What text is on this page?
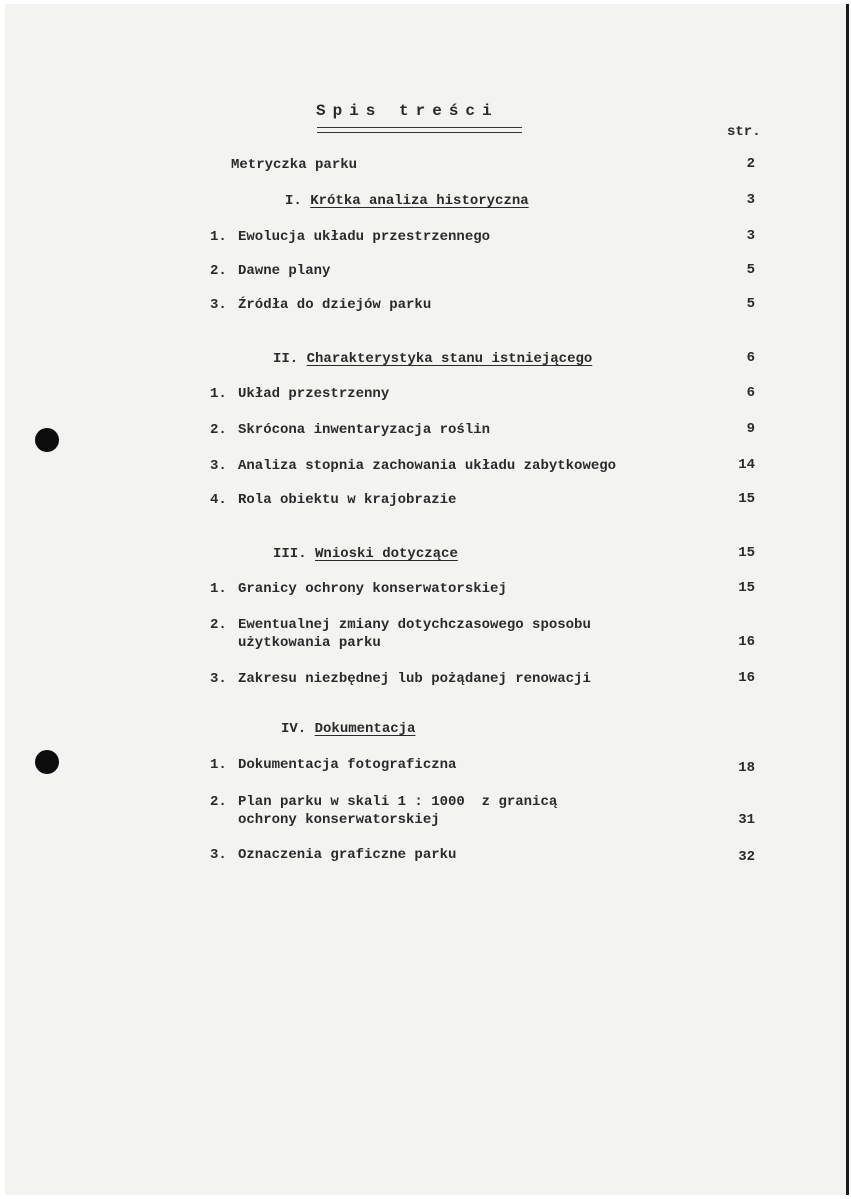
Spis treści
str.
Metryczka parku	2
I. Krótka analiza historyczna	3
1. Ewolucja układu przestrzennego	3
2. Dawne plany	5
3. Źródła do dziejów parku	5
II. Charakterystyka stanu istniejącego	6
1. Układ przestrzenny	6
2. Skrócona inwentaryzacja roślin	9
3. Analiza stopnia zachowania układu zabytkowego	14
4. Rola obiektu w krajobrazie	15
III. Wnioski dotyczące	15
1. Granicy ochrony konserwatorskiej	15
2. Ewentualnej zmiany dotychczasowego sposobu
użytkowania parku	16
3. Zakresu niezbędnej lub pożądanej renowacji	16
IV. Dokumentacja
1. Dokumentacja fotograficzna	18
2. Plan parku w skali 1 : 1000  z granicą
ochrony konserwatorskiej	31
3. Oznaczenia graficzne parku	32
